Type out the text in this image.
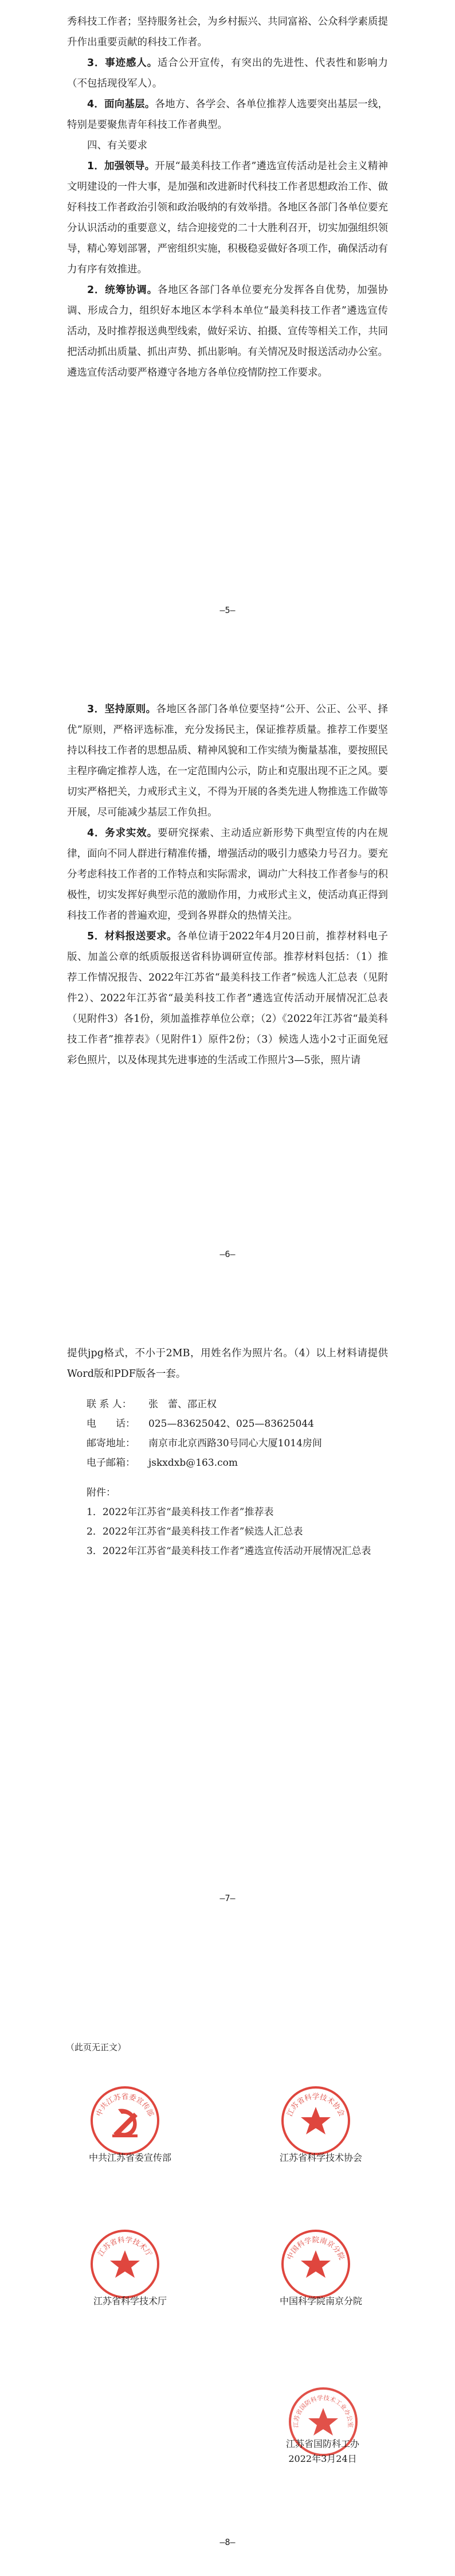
秀科技工作者；坚持服务社会，为乡村振兴、共同富裕、公众科学素质提升作出重要贡献的科技工作者。

3．事迹感人。适合公开宣传，有突出的先进性、代表性和影响力（不包括现役军人）。

4．面向基层。各地方、各学会、各单位推荐人选要突出基层一线，特别是要聚焦青年科技工作者典型。

四、有关要求

1．加强领导。开展“最美科技工作者”遴选宣传活动是社会主义精神文明建设的一件大事，是加强和改进新时代科技工作者思想政治工作、做好科技工作者政治引领和政治吸纳的有效举措。各地区各部门各单位要充分认识活动的重要意义，结合迎接党的二十大胜利召开，切实加强组织领导，精心筹划部署，严密组织实施，积极稳妥做好各项工作，确保活动有力有序有效推进。

2．统筹协调。各地区各部门各单位要充分发挥各自优势，加强协调、形成合力，组织好本地区本学科本单位“最美科技工作者”遴选宣传活动，及时推荐报送典型线索，做好采访、拍摄、宣传等相关工作，共同把活动抓出质量、抓出声势、抓出影响。有关情况及时报送活动办公室。遴选宣传活动要严格遵守各地方各单位疫情防控工作要求。

—5—

3．坚持原则。各地区各部门各单位要坚持“公开、公正、公平、择优”原则，严格评选标准，充分发扬民主，保证推荐质量。推荐工作要坚持以科技工作者的思想品质、精神风貌和工作实绩为衡量基准，要按照民主程序确定推荐人选，在一定范围内公示，防止和克服出现不正之风。要切实严格把关，力戒形式主义，不得为开展的各类先进人物推选工作做等开展，尽可能减少基层工作负担。

4．务求实效。要研究探索、主动适应新形势下典型宣传的内在规律，面向不同人群进行精准传播，增强活动的吸引力感染力号召力。要充分考虑科技工作者的工作特点和实际需求，调动广大科技工作者参与的积极性，切实发挥好典型示范的激励作用，力戒形式主义，使活动真正得到科技工作者的普遍欢迎，受到各界群众的热情关注。

5．材料报送要求。各单位请于2022年4月20日前，推荐材料电子版、加盖公章的纸质版报送省科协调研宣传部。推荐材料包括：（1）推荐工作情况报告、2022年江苏省“最美科技工作者”候选人汇总表（见附件2）、2022年江苏省“最美科技工作者”遴选宣传活动开展情况汇总表（见附件3）各1份，须加盖推荐单位公章；（2）《2022年江苏省“最美科技工作者”推荐表》（见附件1）原件2份；（3）候选人选小2寸正面免冠彩色照片，以及体现其先进事迹的生活或工作照片3—5张，照片请

—6—

提供jpg格式，不小于2MB，用姓名作为照片名。（4）以上材料请提供Word版和PDF版各一套。

联 系 人： 张　蕾、邵正权

电　　话： 025—83625042、025—83625044

邮寄地址： 南京市北京西路30号同心大厦1014房间

电子邮箱： jskxdxb@163.com

附件：

1．2022年江苏省“最美科技工作者”推荐表

2．2022年江苏省“最美科技工作者”候选人汇总表

3．2022年江苏省“最美科技工作者”遴选宣传活动开展情况汇总表

—7—
（此页无正文）
中共江苏省委宣传部
中共江苏省委宣传部
江苏省科学技术协会
江苏省科学技术协会
江苏省科学技术厅
江苏省科学技术厅
中国科学院南京分院
中国科学院南京分院
江苏省国防科学技术工业办公室
江苏省国防科工办
2022年3月24日
—8—
